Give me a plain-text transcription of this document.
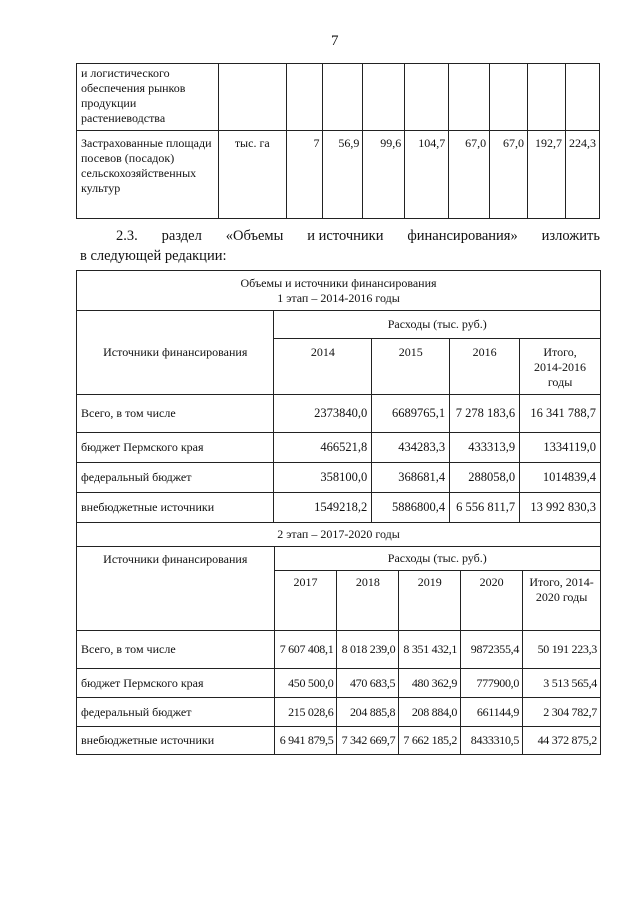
7
и логистического обеспечения рынков продукции растениеводства									
Застрахованные площади посевов (посадок) сельскохозяйственных культур	тыс. га	7	56,9	99,6	104,7	67,0	67,0	192,7	224,3
2.3. раздел «Объемы и источники финансирования» изложить
в следующей редакции:
Объемы и источники финансирования
1 этап – 2014-2016 годы				

Источники финансирования	Расходы (тыс. руб.)			
	2014	2015	2016	Итого, 2014-2016 годы
Всего, в том числе	2373840,0	6689765,1	7 278 183,6	16 341 788,7
бюджет Пермского края	466521,8	434283,3	433313,9	1334119,0
федеральный бюджет	358100,0	368681,4	288058,0	1014839,4
внебюджетные источники	1549218,2	5886800,4	6 556 811,7	13 992 830,3
2 этап – 2017-2020 годы					
Источники финансирования	Расходы (тыс. руб.)				
	2017	2018	2019	2020	Итого, 2014-2020 годы
Всего, в том числе	7 607 408,1	8 018 239,0	8 351 432,1	9872355,4	50 191 223,3
бюджет Пермского края	450 500,0	470 683,5	480 362,9	777900,0	3 513 565,4
федеральный бюджет	215 028,6	204 885,8	208 884,0	661144,9	2 304 782,7
внебюджетные источники	6 941 879,5	7 342 669,7	7 662 185,2	8433310,5	44 372 875,2
